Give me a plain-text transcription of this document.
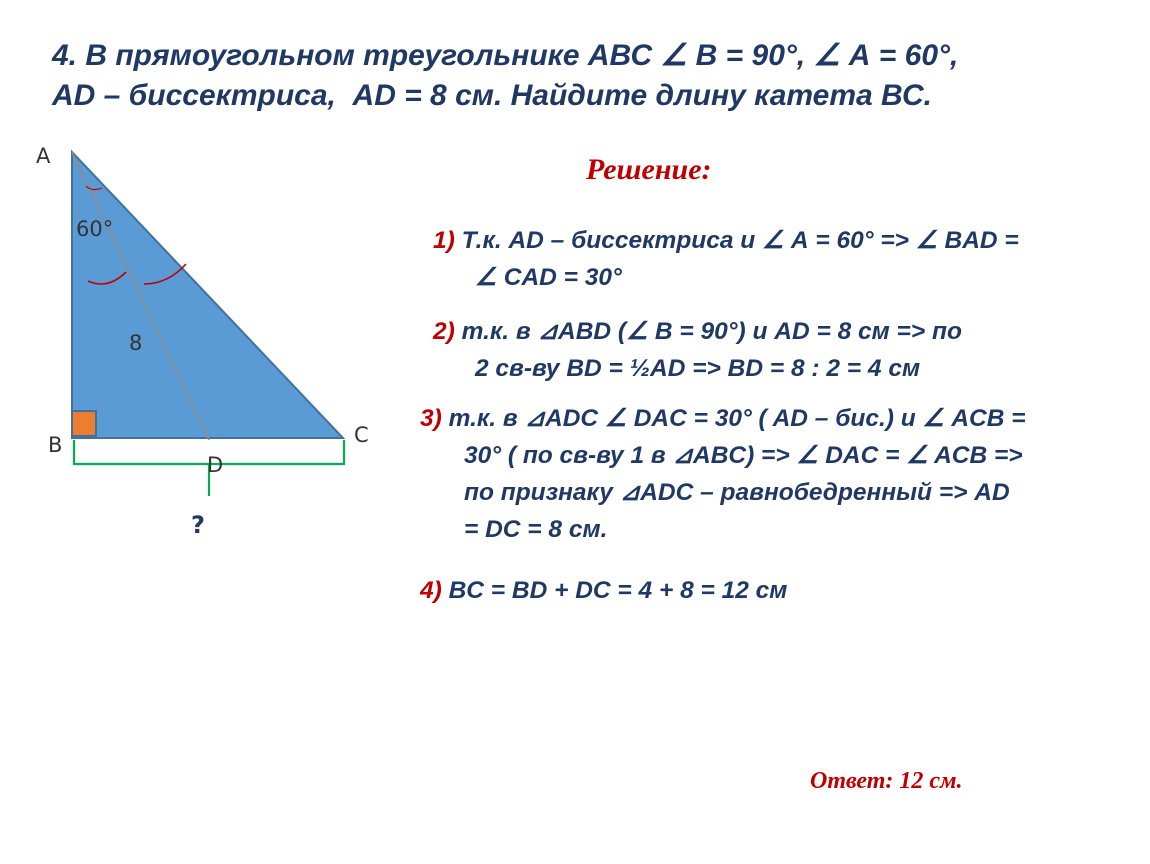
4. В прямоугольном треугольнике АВС ∠ В = 90°, ∠ А = 60°,
AD – биссектриса,  AD = 8 см. Найдите длину катета ВС.
A
B	C
D
60°
8
?
Решение:
1) Т.к. AD – биссектриса и ∠ А = 60° => ∠ BAD =
∠ CAD = 30°
2) т.к. в ⊿ABD (∠ B = 90°) и AD = 8 см => по
2 св-ву BD = ½AD => BD = 8 : 2 = 4 см
3) т.к. в ⊿ADC ∠ DAC = 30° ( AD – бис.) и ∠ ACB =
30° ( по св-ву 1 в ⊿ABC) => ∠ DAC = ∠ ACB =>
по признаку ⊿ADC – равнобедренный => AD
= DC = 8 см.
4) BC = BD + DC = 4 + 8 = 12 см

Ответ: 12 см.
